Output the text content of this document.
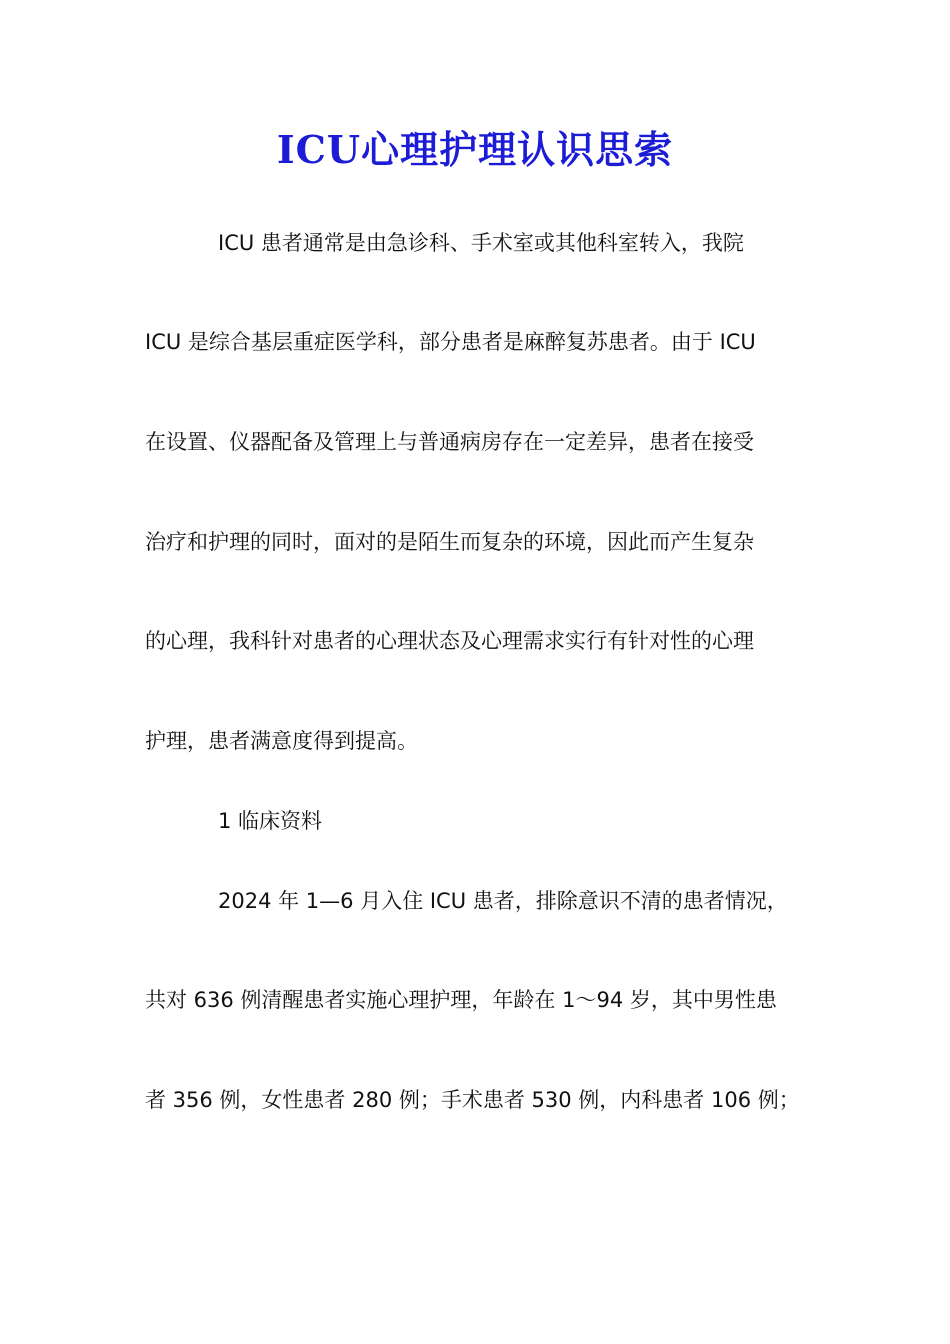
ICU心理护理认识思索

ICU 患者通常是由急诊科、手术室或其他科室转入，我院

ICU 是综合基层重症医学科，部分患者是麻醉复苏患者。由于 ICU

在设置、仪器配备及管理上与普通病房存在一定差异，患者在接受

治疗和护理的同时，面对的是陌生而复杂的环境，因此而产生复杂

的心理，我科针对患者的心理状态及心理需求实行有针对性的心理

护理，患者满意度得到提高。

1 临床资料

2024 年 1—6 月入住 ICU 患者，排除意识不清的患者情况，

共对 636 例清醒患者实施心理护理，年龄在 1～94 岁，其中男性患

者 356 例，女性患者 280 例；手术患者 530 例，内科患者 106 例；
